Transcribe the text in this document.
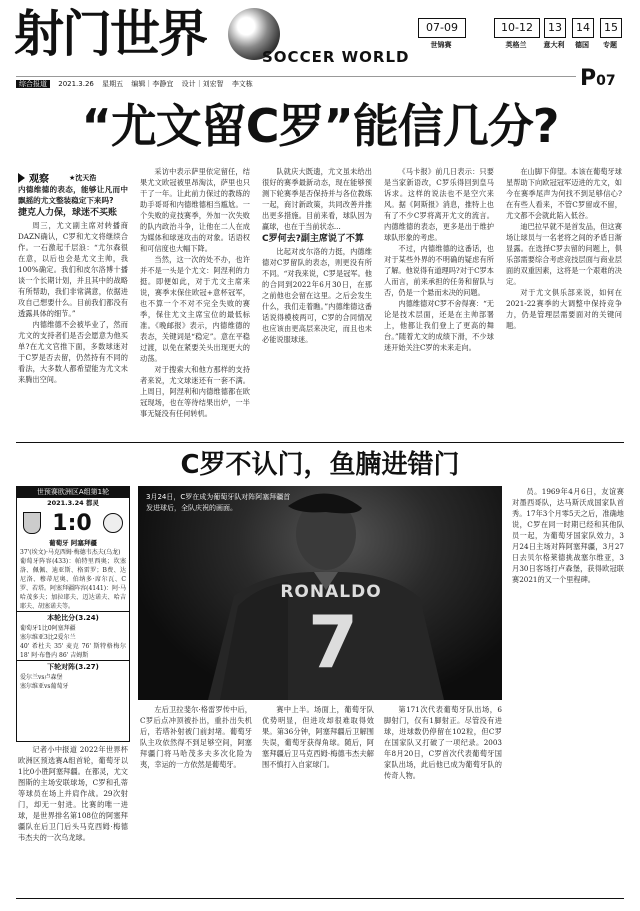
射门世界	SOCCER WORLD
07-09
世锦赛
10-12
英格兰
13
意大利
14
德国
15
专题
综合报道 2021.3.26 星期五 编辑｜李静宜 设计｜刘宏智 李文栋	P07
“尤文留C罗”能信几分?
观察	★沈天浩

内德维德的表态，能够让凡而中飘摇的尤文整装稳定下来吗?

捷克人力保，球迷不买账

周三，尤文副主席对转播商DAZN确认，C罗和尤文将继续合作。一石激起千层浪：“尤尔森很在意，以后也会是尤文主帅，我100%确定。我们和皮尔洛博十播谈一个长期计划，并且其中的战略有所帮助，我们非常满意，依据进攻自己想要什么。目前我们都没有透露具体的细节。”

内德维德不会被毕业了，然而尤文的支持者们是否会愿意为他买单?在尤文官推下面，多数球迷对于C罗是否去留，仍然持有不同的看法，大多数人都希望能为尤文未来腾出空间。

采访中表示萨里依定留任，结果尤文欧冠被里昂淘汰，萨里也只干了一年。让此前力保过的教练的助手哥哥和内德维德相当尴尬。一个失败的竞技赛季，外加一次失败的队内政治斗争，让他在二人在成为媒体和球迷攻击的对象。话语权和可信度也大幅下降。

当然，这一次的处不办，也许并不是一头是个尤文：阿涅利的力挺。即便如此，对于尤文主席来说，赛季末保住欧冠+意杯冠军，也不算一个不对不完全失败的赛季，保住尤文主席宝位的最低标准。《晚邮报》表示，内德维德的表态，关键词是“稳定”。意在平稳过渡，以免在紧要关头出现更大的动荡。

对于搜索大和他方那样的支持者来说，尤文球迷还有一套不满。上周日，阿涅利和内德维德都在欧冠现场，也在等待结果出炉，一半事无疑没有任何转机。

队就庆大既遗，尤文虽未给出很好的赛季最新动态，现在能够预测下轮赛季是否保持并与各位教练一起，商讨新政策，共同改善并推出更多措施。目前来看，球队因为赢球，也在于当前状态...

C罗何去?副主席说了不算

比起对皮尔洛的力挺，内德维德对C罗留队的表态，则更没有所不同。“对我来说，C罗是冠军。他的合同到2022年6月30日，在那之前他也会留在这里。之后会发生什么，我们走着瞧。”内德维德这番话说得模棱两可，C罗的合同情况也应该由更高层来决定，而且也未必能说服球迷。

《马卡报》前几日表示：只要是当家新语改，C罗乐得回到皇马诉求。这样的说法也不是空穴来风。据《阿斯报》消息，推特上也有了不少C罗将离开尤文的流言。内德维德的表态，更多是出于维护球队形象的考虑。

不过，内德维德的这番话，也对于某些外界的不明确的疑虑有所了解。他说得有道理吗?对于C罗本人而言，前来承担的任务和留队与否，仍是一个悬而未决的问题。

内德维德对C罗不舍得赛：“无论是技术层面，还是在主帅部署上，他都让我们登上了更高的舞台。”随着尤文的成绩下滑，不少球迷开始关注C罗的未来走向。

在山脚下仰望。本该在葡萄牙球星帮助下向欧冠冠军迈进的尤文，如今在赛季尾声为何找不到足够信心?在有些人看来，不管C罗留或不留，尤文都不会就此陷入低谷。

迪巴拉早就不是首发品，但这赛场让球员与一名老将之间的矛盾日渐显露。在选择C罗去留的问题上，俱乐部需要综合考虑竞技层面与商业层面的双重因素，这将是一个艰难的决定。

对于尤文俱乐部来说，如何在2021-22赛季的大调整中保持竞争力，仍是管理层需要面对的关键问题。

C罗不认门，鱼腩进错门
世预赛欧洲区A组第1轮
2021.3.24 都灵
1:0
葡萄牙 阿塞拜疆
37'(埃文)·马克西姆·梅德韦杰夫(乌龙)
葡萄牙阵容(433)：帕特里西奥；坎塞洛、佩佩、迪亚斯、格雷罗；B费、达尼洛、穆蒂尼奥、伯纳多·席尔瓦、C罗、若塔。阿塞拜疆阵容(4141)：阿·马哈茂多夫；加拉耶夫、迈达诺夫、哈吉耶夫、胡塞诺夫等。
本轮比分(3.24)
葡萄牙1比0阿塞拜疆
塞尔维亚3比2爱尔兰
40' 希杜夫 35' 麦克 76' 斯特格梅尔 18' 阿·布鲁内 86' 吉姆斯
下轮对阵(3.27)
爱尔兰vs卢森堡
塞尔维亚vs葡萄牙
3月24日，C罗在成为葡萄牙队对阵阿塞拜疆首发进球后，全队庆祝的画面。
RONALDO
7

员。1969年4月6日，友谊赛对墨西哥队，达马斯沃成国家队首秀。17年3个月零5天之后，准确地说，C罗在同一时期已经和其他队员一起，为葡萄牙国家队效力，3月24日主场对阵阿塞拜疆，3月27日去贝尔格莱德挑战塞尔维亚，3月30日客场打卢森堡，获得欧冠联赛2021的又一个里程碑。

记者小中报道 2022年世界杯欧洲区预选赛A组首轮，葡萄牙以1比0小胜阿塞拜疆。在都灵，尤文图斯的主场安联球场，C罗和孔蒂等球员在场上并肩作战。29次射门，却无一射进。比赛的唯一进球，是世界排名第108位的阿塞拜疆队在后卫门后头马克西姆·梅德韦杰夫的一次乌龙球。

左后卫拉斐尔·格雷罗传中后，C罗后点冲顶被扑出，重扑出失机后，若塔补射被门前封堵。葡萄牙队主攻依然得不到足够空间，阿塞拜疆门将马哈茂多夫多次化险为夷，幸运的一方依然是葡萄牙。

赛中上半。场面上，葡萄牙队优势明显，但进攻却很难取得效果。第36分钟，阿塞拜疆后卫解围失误，葡萄牙获得角球。随后，阿塞拜疆后卫马克西姆·梅德韦杰夫解围不慎打入自家球门。

第171次代表葡萄牙队出场，6脚射门，仅有1脚射正。尽管没有进球，进球数仍停留在102粒，但C罗在国家队又打破了一项纪录。2003年8月20日，C罗首次代表葡萄牙国家队出场，此后他已成为葡萄牙队的传奇人物。
